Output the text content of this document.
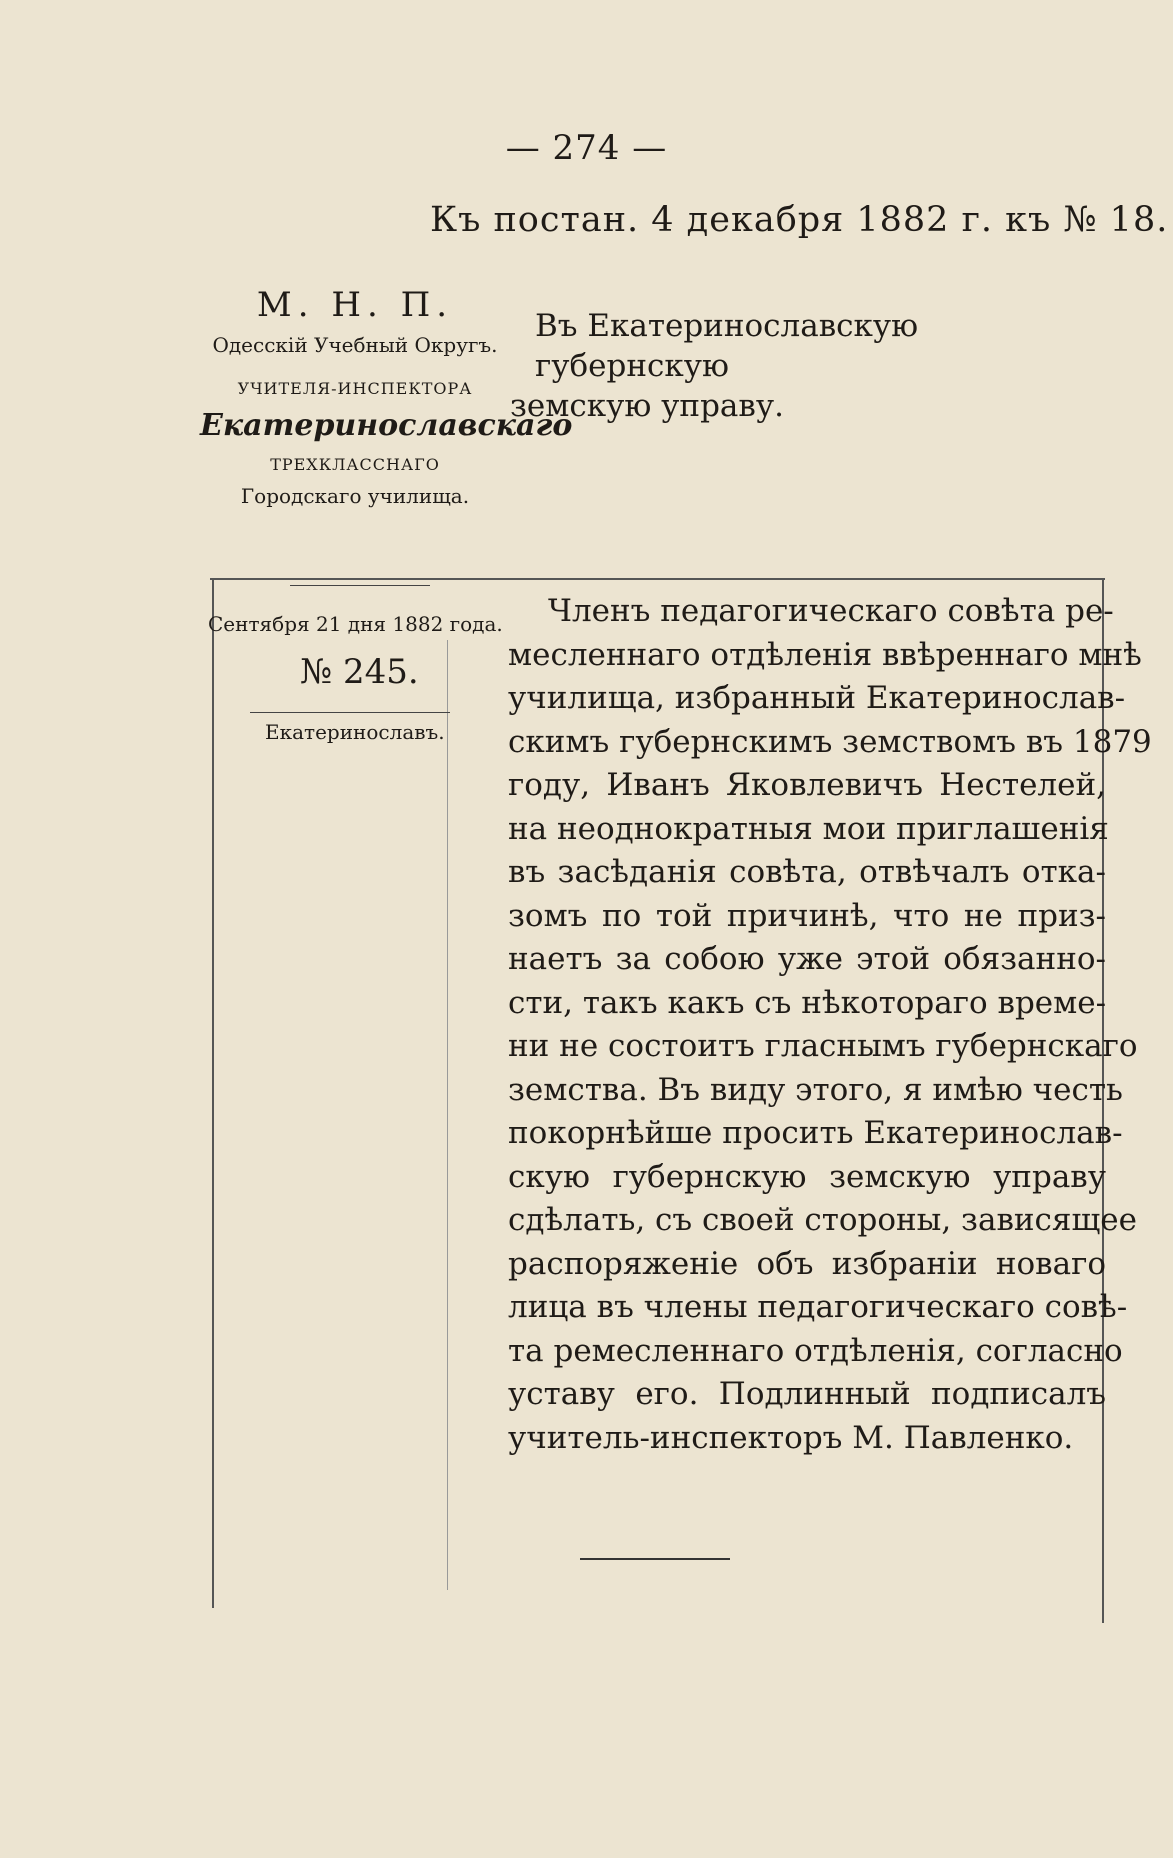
— 274 —
Къ постан. 4 декабря 1882 г. къ № 18.
М. Н. П.
Одесскій Учебный Округъ.
УЧИТЕЛЯ-ИНСПЕКТОРА
Екатеринославскаго
ТРЕХКЛАССНАГО
Городскаго училища.
Въ Екатеринославскую губернскую
земскую управу.
Сентября 21 дня 1882 года.
№ 245.
Екатеринославъ.
Членъ педагогическаго совѣта ре-
месленнаго отдѣленія ввѣреннаго мнѣ
училища, избранный Екатеринослав-
скимъ губернскимъ земствомъ въ 1879
году, Иванъ Яковлевичъ Нестелей,
на неоднократныя мои приглашенія
въ засѣданія совѣта, отвѣчалъ отка-
зомъ по той причинѣ, что не приз-
наетъ за собою уже этой обязанно-
сти, такъ какъ съ нѣкотораго време-
ни не состоитъ гласнымъ губернскаго
земства. Въ виду этого, я имѣю честь
покорнѣйше просить Екатеринослав-
скую губернскую земскую управу
сдѣлать, съ своей стороны, зависящее
распоряженіе объ избраніи новаго
лица въ члены педагогическаго совѣ-
та ремесленнаго отдѣленія, согласно
уставу его. Подлинный подписалъ
учитель-инспекторъ М. Павленко.
